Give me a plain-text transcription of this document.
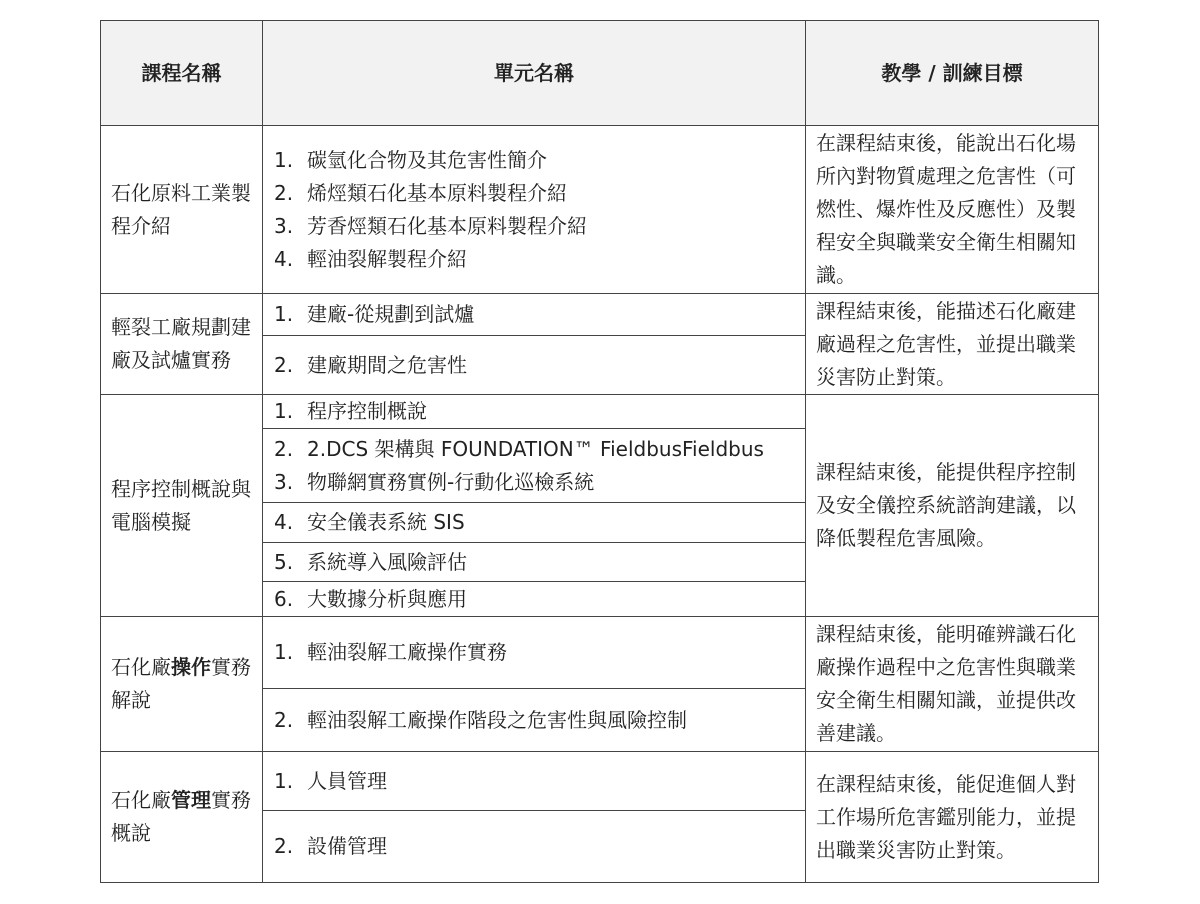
課程名稱	單元名稱	教學 / 訓練目標
石化原料工業製程介紹
1. 碳氫化合物及其危害性簡介
2. 烯烴類石化基本原料製程介紹
3. 芳香烴類石化基本原料製程介紹
4. 輕油裂解製程介紹
在課程結束後，能說出石化場所內對物質處理之危害性（可燃性、爆炸性及反應性）及製程安全與職業安全衛生相關知識。
輕裂工廠規劃建廠及試爐實務
1. 建廠-從規劃到試爐
2. 建廠期間之危害性
課程結束後，能描述石化廠建廠過程之危害性，並提出職業災害防止對策。
程序控制概說與電腦模擬
1. 程序控制概說
2. 2.DCS 架構與 FOUNDATION™ FieldbusFieldbus
3. 物聯網實務實例-行動化巡檢系統
4. 安全儀表系統 SIS
5. 系統導入風險評估
6. 大數據分析與應用
課程結束後，能提供程序控制及安全儀控系統諮詢建議，以降低製程危害風險。
石化廠操作實務解說
1. 輕油裂解工廠操作實務
2. 輕油裂解工廠操作階段之危害性與風險控制
課程結束後，能明確辨識石化廠操作過程中之危害性與職業安全衛生相關知識，並提供改善建議。
石化廠管理實務概說
1. 人員管理
2. 設備管理
在課程結束後，能促進個人對工作場所危害鑑別能力，並提出職業災害防止對策。
